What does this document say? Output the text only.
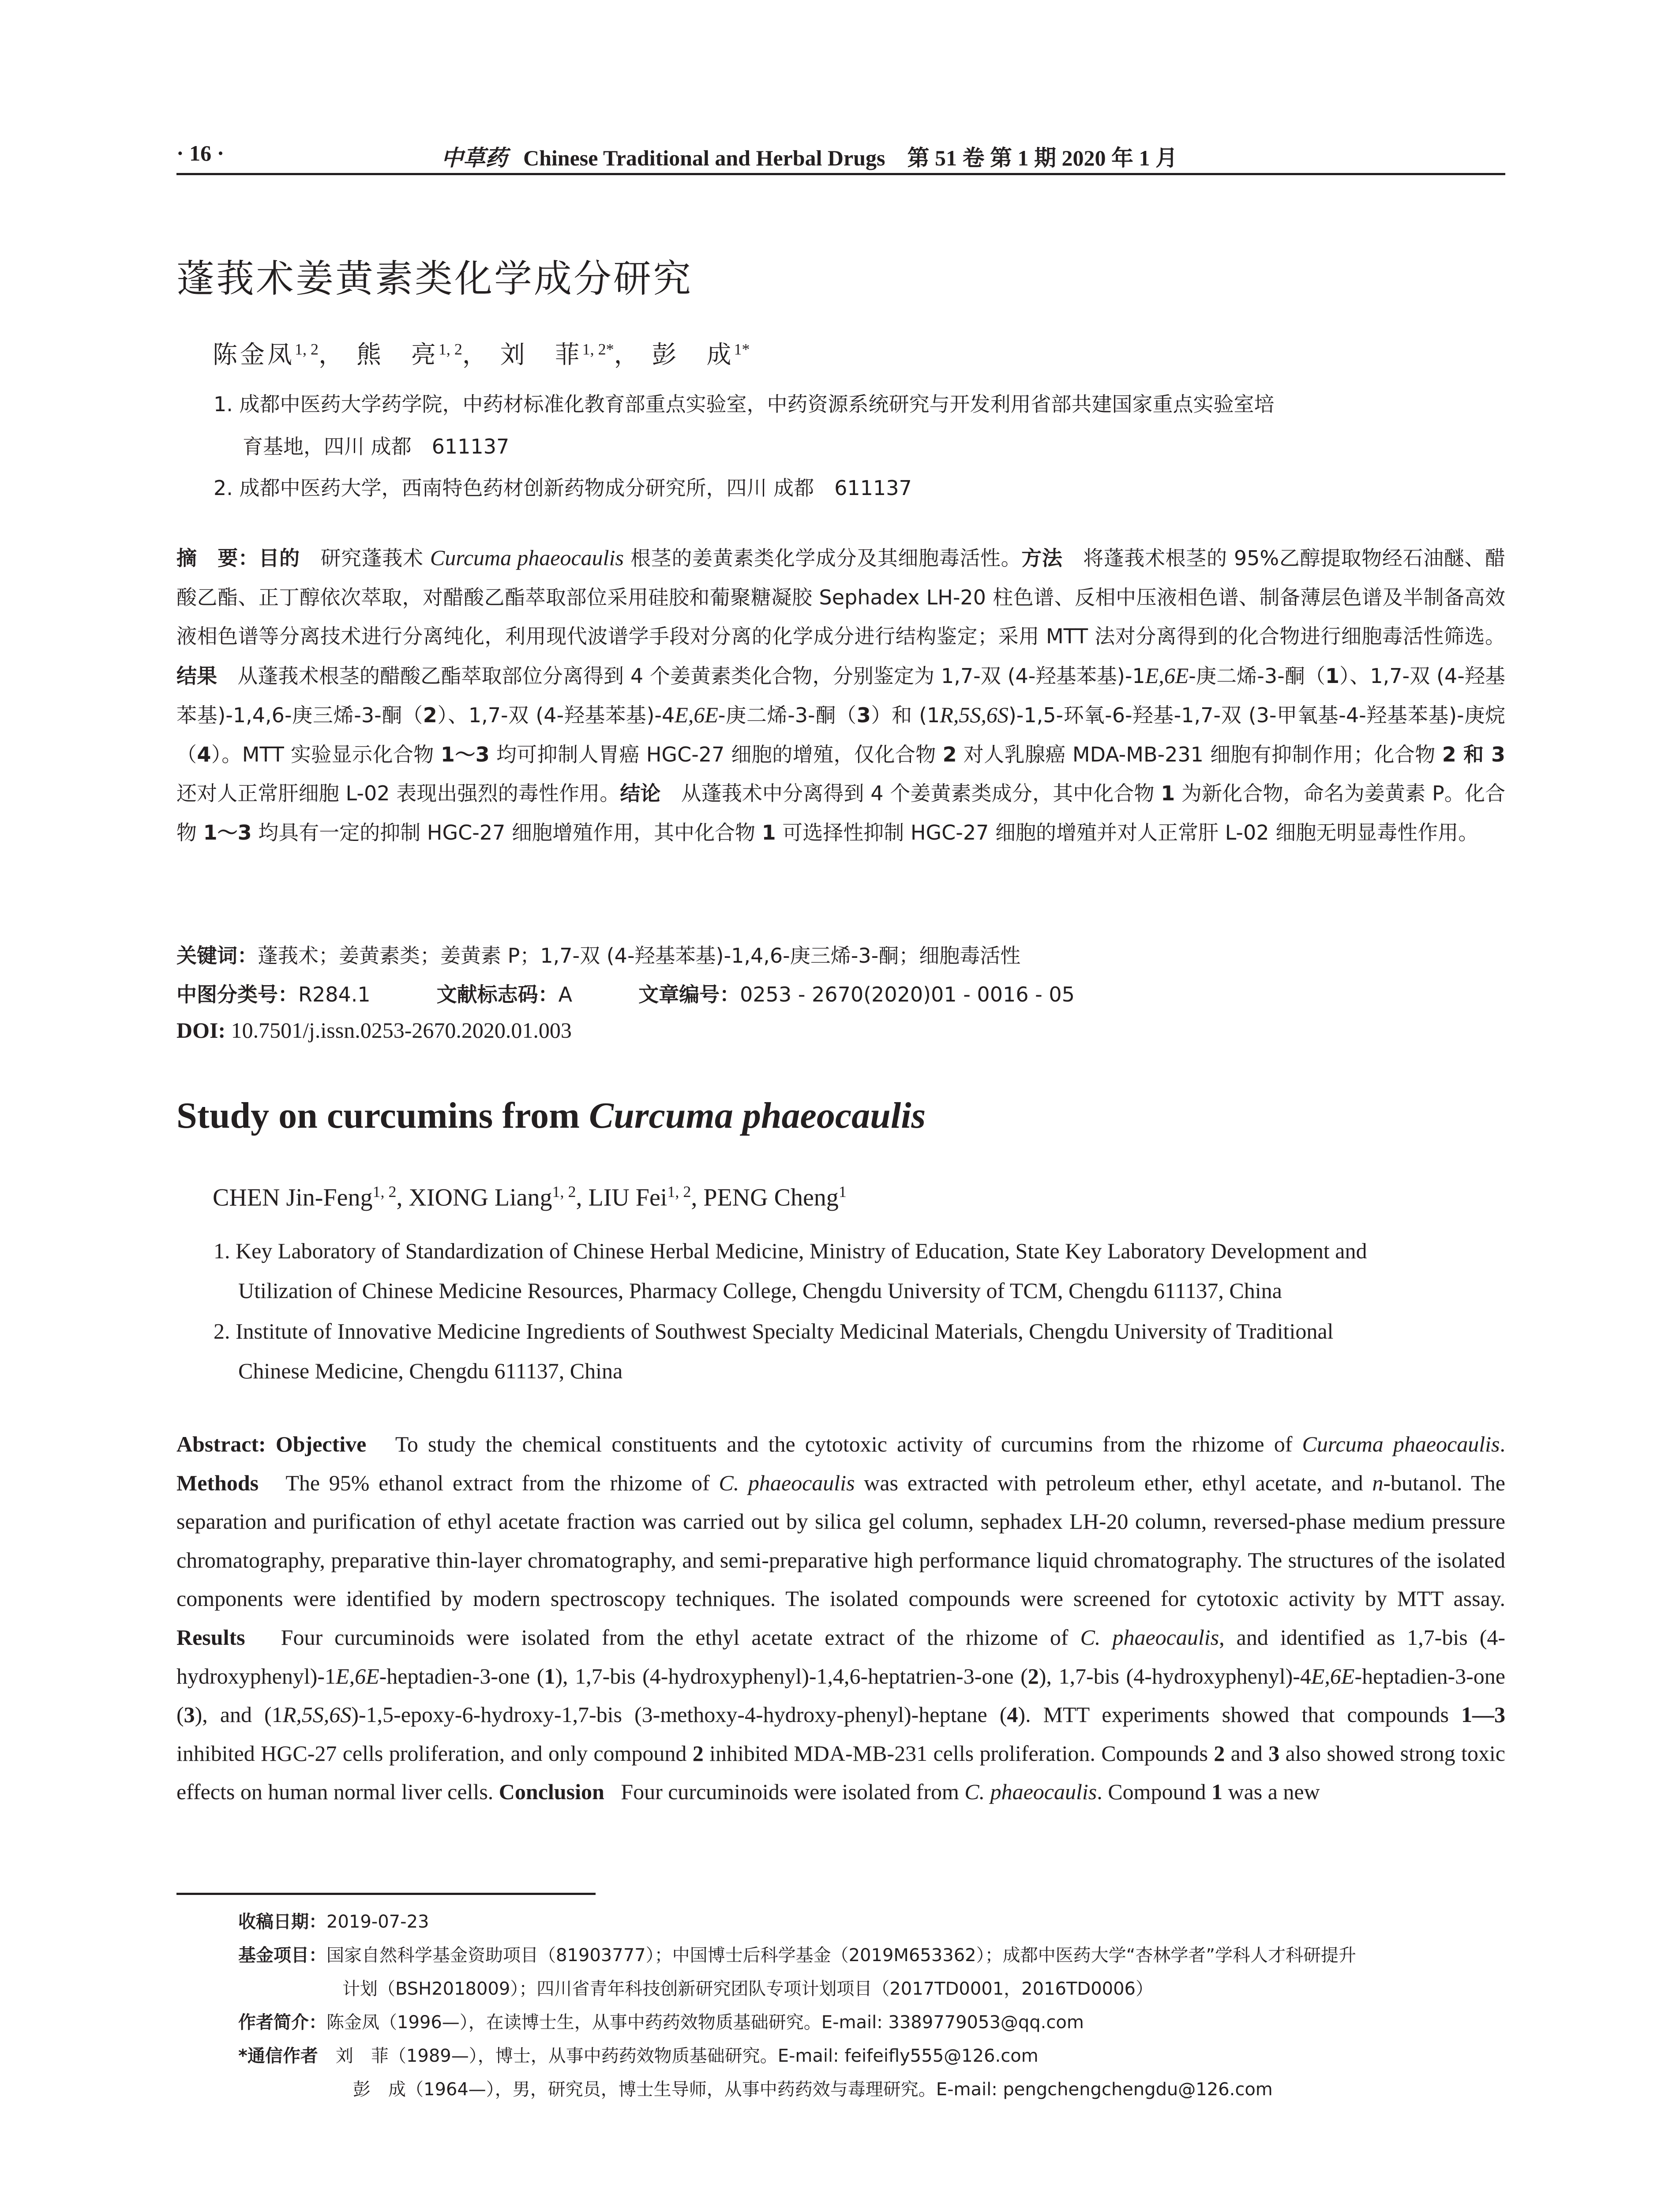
· 16 ·	中草药 Chinese Traditional and Herbal Drugs　第 51 卷 第 1 期 2020 年 1 月
蓬莪术姜黄素类化学成分研究
陈金凤$^{1, 2}$， 熊　亮$^{1, 2}$， 刘　菲$^{1, 2*}$， 彭　成$^{1*}$
1. 成都中医药大学药学院，中药材标准化教育部重点实验室，中药资源系统研究与开发利用省部共建国家重点实验室培
育基地，四川 成都　611137
2. 成都中医药大学，西南特色药材创新药物成分研究所，四川 成都　611137
摘　要：目的　 研究蓬莪术 Curcuma phaeocaulis 根茎的姜黄素类化学成分及其细胞毒活性。方法　 将蓬莪术根茎的 95%乙醇提取物经石油醚、醋酸乙酯、正丁醇依次萃取，对醋酸乙酯萃取部位采用硅胶和葡聚糖凝胶 Sephadex LH-20 柱色谱、反相中压液相色谱、制备薄层色谱及半制备高效液相色谱等分离技术进行分离纯化，利用现代波谱学手段对分离的化学成分进行结构鉴定；采用 MTT 法对分离得到的化合物进行细胞毒活性筛选。结果　 从蓬莪术根茎的醋酸乙酯萃取部位分离得到 4 个姜黄素类化合物，分别鉴定为 1,7-双 (4-羟基苯基)-1E,6E-庚二烯-3-酮（1）、1,7-双 (4-羟基苯基)-1,4,6-庚三烯-3-酮（2）、1,7-双 (4-羟基苯基)-4E,6E-庚二烯-3-酮（3）和 (1R,5S,6S)-1,5-环氧-6-羟基-1,7-双 (3-甲氧基-4-羟基苯基)-庚烷（4）。MTT 实验显示化合物 1～3 均可抑制人胃癌 HGC-27 细胞的增殖，仅化合物 2 对人乳腺癌 MDA-MB-231 细胞有抑制作用；化合物 2 和 3 还对人正常肝细胞 L-02 表现出强烈的毒性作用。结论　 从蓬莪术中分离得到 4 个姜黄素类成分，其中化合物 1 为新化合物，命名为姜黄素 P。化合物 1～3 均具有一定的抑制 HGC-27 细胞增殖作用，其中化合物 1 可选择性抑制 HGC-27 细胞的增殖并对人正常肝 L-02 细胞无明显毒性作用。
关键词：蓬莪术；姜黄素类；姜黄素 P；1,7-双 (4-羟基苯基)-1,4,6-庚三烯-3-酮；细胞毒活性
中图分类号：R284.1	文献标志码：A	文章编号：0253 - 2670(2020)01 - 0016 - 05
DOI: 10.7501/j.issn.0253-2670.2020.01.003
Study on curcumins from Curcuma phaeocaulis
CHEN Jin-Feng$^{1, 2}$, XIONG Liang$^{1, 2}$, LIU Fei$^{1, 2}$, PENG Cheng$^1$
1. Key Laboratory of Standardization of Chinese Herbal Medicine, Ministry of Education, State Key Laboratory Development and
Utilization of Chinese Medicine Resources, Pharmacy College, Chengdu University of TCM, Chengdu 611137, China
2. Institute of Innovative Medicine Ingredients of Southwest Specialty Medicinal Materials, Chengdu University of Traditional
Chinese Medicine, Chengdu 611137, China
Abstract: Objective To study the chemical constituents and the cytotoxic activity of curcumins from the rhizome of Curcuma phaeocaulis. Methods The 95% ethanol extract from the rhizome of C. phaeocaulis was extracted with petroleum ether, ethyl acetate, and n-butanol. The separation and purification of ethyl acetate fraction was carried out by silica gel column, sephadex LH-20 column, reversed-phase medium pressure chromatography, preparative thin-layer chromatography, and semi-preparative high performance liquid chromatography. The structures of the isolated components were identified by modern spectroscopy techniques. The isolated compounds were screened for cytotoxic activity by MTT assay. Results Four curcuminoids were isolated from the ethyl acetate extract of the rhizome of C. phaeocaulis, and identified as 1,7-bis (4-hydroxyphenyl)-1E,6E-heptadien-3-one (1), 1,7-bis (4-hydroxyphenyl)-1,4,6-heptatrien-3-one (2), 1,7-bis (4-hydroxyphenyl)-4E,6E-heptadien-3-one (3), and (1R,5S,6S)-1,5-epoxy-6-hydroxy-1,7-bis (3-methoxy-4-hydroxy-phenyl)-heptane (4). MTT experiments showed that compounds 1—3 inhibited HGC-27 cells proliferation, and only compound 2 inhibited MDA-MB-231 cells proliferation. Compounds 2 and 3 also showed strong toxic effects on human normal liver cells. Conclusion Four curcuminoids were isolated from C. phaeocaulis. Compound 1 was a new
收稿日期：2019-07-23
基金项目：国家自然科学基金资助项目（81903777）；中国博士后科学基金（2019M653362）；成都中医药大学“杏林学者”学科人才科研提升
计划（BSH2018009）；四川省青年科技创新研究团队专项计划项目（2017TD0001，2016TD0006）
作者简介：陈金凤（1996—），在读博士生，从事中药药效物质基础研究。E-mail: 3389779053@qq.com
*通信作者　刘　菲（1989—），博士，从事中药药效物质基础研究。E-mail: feifeifly555@126.com
彭　成（1964—），男，研究员，博士生导师，从事中药药效与毒理研究。E-mail: pengchengchengdu@126.com
